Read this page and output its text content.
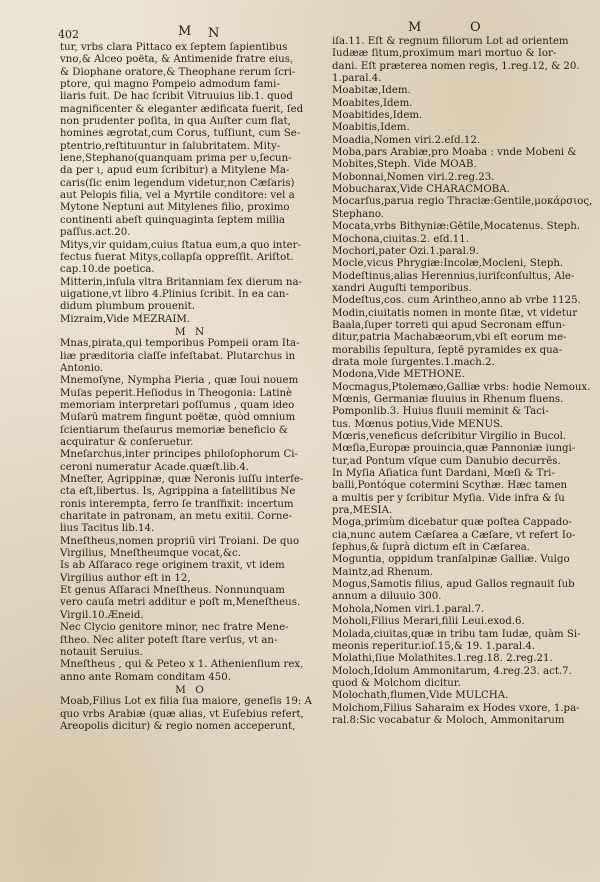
402	M N	M	O
tur, vrbs clara Pittaco ex ſeptem ſapientibus
vno,& Alceo poëta, & Antimenide fratre eius,
& Diophane oratore,& Theophane rerum ſcri-
ptore, qui magno Pompeio admodum fami-
liaris fuit. De hac ſcribit Vitruuius lib.1. quod
magnificenter & eleganter ædificata fuerit, ſed
non prudenter poſita, in qua Auſter cum flat,
homines ægrotat,cum Corus, tuſſiunt, cum Se-
ptentrio,reſtituuntur in ſalubritatem. Mity-
lene,Stephano(quanquam prima per υ,ſecun-
da per ι, apud eum ſcribitur) a Mitylene Ma-
caris(ſic enim legendum videtur,non Cæſaris)
aut Pelopis filia, vel a Myrtile conditore: vel a
Mytone Neptuni aut Mitylenes filio, proximo
continenti abeſt quinquaginta ſeptem millia
paſſus.act.20.
Mitys,vir quidam,cuius ſtatua eum,a quo inter-
fectus fuerat Mitys,collapſa oppreſſit. Ariſtot.
cap.10.de poetica.
Mitterin,inſula vltra Britanniam ſex dierum na-
uigatione,vt libro 4.Plinius ſcribit. In ea can-
didum plumbum prouenit.
Mizraim,Vide MEZRAIM.
M N
Mnas,pirata,qui temporibus Pompeii oram Ita-
liæ præditoria claſſe infeſtabat. Plutarchus in
Antonio.
Mnemoſyne, Nympha Pieria , quæ Ioui nouem
Muſas peperit.Heſiodus in Theogonia: Latinè
memoriam interpretari poſſumus , quam ideo
Muſarū matrem fingunt poëtæ, quòd omnium
ſcientiarum theſaurus memoriæ beneficio &
acquiratur & conſeruetur.
Mneſarchus,inter principes philoſophorum Ci-
ceroni numeratur Acade.quæſt.lib.4.
Mneſter, Agrippinæ, quæ Neronis iuſſu interfe-
cta eſt,libertus. Is, Agrippina a ſatellitibus Ne
ronis interempta, ferro ſe tranſfixit: incertum
charitate in patronam, an metu exitii. Corne-
lius Tacitus lib.14.
Mneſtheus,nomen propriū viri Troiani. De quo
Virgilius, Mneſtheumque vocat,&c.
Is ab Aſſaraco rege originem traxit, vt idem
Virgilius author eſt in 12,
Et genus Aſſaraci Mneſtheus. Nonnunquam
vero cauſa metri additur e poſt m,Meneſtheus.
Virgil.10.Æneid.
Nec Clycio genitore minor, nec fratre Mene-
ſtheo. Nec aliter poteſt ſtare verſus, vt an-
notauit Seruius.
Mneſtheus , qui & Peteo x 1. Athenienſium rex,
anno ante Romam conditam 450.
M O
Moab,Filius Lot ex filia ſua maiore, geneſis 19: A
quo vrbs Arabiæ (quæ alias, vt Euſebius refert,
Areopolis dicitur) & regio nomen acceperunt,
iſa.11. Eſt & regnum filiorum Lot ad orientem
Iudææ ſitum,proximum mari mortuo & Ior-
dani. Eſt præterea nomen regis, 1.reg.12, & 20.
1.paral.4.
Moabitæ,Idem.
Moabites,Idem.
Moabitides,Idem.
Moabitis,Idem.
Moadia,Nomen viri.2.eſd.12.
Moba,pars Arabiæ,pro Moaba : vnde Mobeni &
Mobites,Steph. Vide MOAB.
Mobonnai,Nomen viri.2.reg.23.
Mobucharax,Vide CHARACMOBA.
Mocarſus,parua regio Thraciæ:Gentile,μοκάρσιος,
Stephano.
Mocata,vrbs Bithyniæ:Gētile,Mocatenus. Steph.
Mochona,ciuitas.2. eſd.11.
Mochori,pater Ozi.1.paral.9.
Mocle,vicus Phrygiæ:Incolæ,Mocleni, Steph.
Modeſtinus,alias Herennius,iuriſconſultus, Ale-
xandri Auguſti temporibus.
Modeſtus,cos. cum Arintheo,anno ab vrbe 1125.
Modin,ciuitatis nomen in monte ſitæ, vt videtur
Baala,ſuper torreti qui apud Secronam effun-
ditur,patria Machabæorum,vbi eſt eorum me-
morabilis ſepultura, ſeptē pyramides ex qua-
drata mole ſurgentes.1.mach.2.
Modona,Vide METHONE.
Mocmagus,Ptolemæo,Galliæ vrbs: hodie Nemoux.
Mœnis, Germaniæ fluuius in Rhenum fluens.
Pomponlib.3. Huius fluuii meminit & Taci-
tus. Mœnus potius,Vide MENUS.
Mœris,veneficus deſcribitur Virgilio in Bucol.
Mœſia,Europæ prouincia,quæ Pannoniæ iungi-
tur,ad Pontum vſque cum Danubio decurrēs.
In Myſia Aſiatica ſunt Dardani, Mœſi & Tri-
balli,Pontóque cotermini Scythæ. Hæc tamen
a multis per y ſcribitur Myſia. Vide infra & ſu
pra,MESIA.
Moga,primùm dicebatur quæ poſtea Cappado-
cia,nunc autem Cæſarea a Cæſare, vt refert Io-
ſephus,& ſuprà dictum eſt in Cæſarea.
Moguntia, oppidum tranſalpinæ Galliæ. Vulgo
Maintz,ad Rhenum.
Mogus,Samotis filius, apud Gallos regnauit ſub
annum a diluuio 300.
Mohola,Nomen viri.1.paral.7.
Moholi,Filius Merari,filii Leui.exod.6.
Molada,ciuitas,quæ in tribu tam Iudæ, quàm Si-
meonis reperitur.ioſ.15,& 19. 1.paral.4.
Molathi,ſiue Molathites.1.reg.18. 2.reg.21.
Moloch,Idolum Ammonitarum, 4.reg.23. act.7.
quod & Molchom dicitur.
Molochath,flumen,Vide MULCHA.
Molchom,Filius Saharaim ex Hodes vxore, 1.pa-
ral.8:Sic vocabatur & Moloch, Ammonitarum
